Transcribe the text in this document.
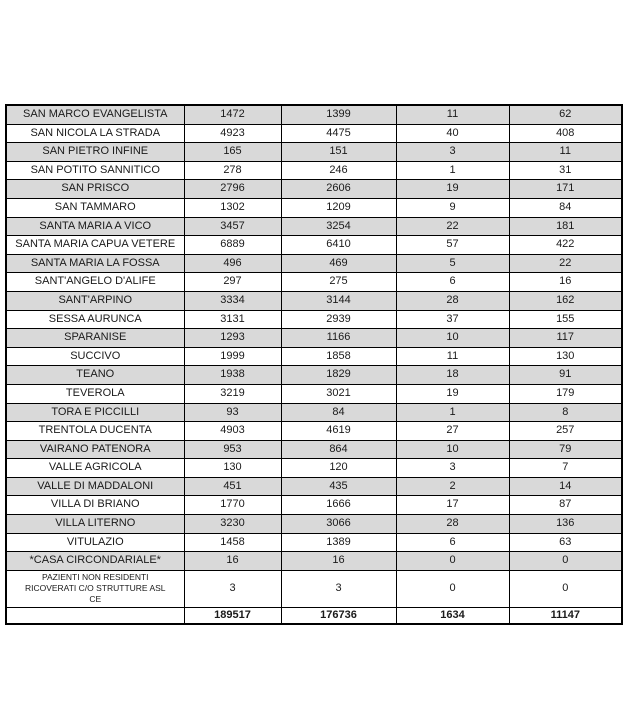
SAN MARCO EVANGELISTA	1472	1399	11	62
SAN NICOLA LA STRADA	4923	4475	40	408
SAN PIETRO INFINE	165	151	3	11
SAN POTITO SANNITICO	278	246	1	31
SAN PRISCO	2796	2606	19	171
SAN TAMMARO	1302	1209	9	84
SANTA MARIA A VICO	3457	3254	22	181
SANTA MARIA CAPUA VETERE	6889	6410	57	422
SANTA MARIA LA FOSSA	496	469	5	22
SANT'ANGELO D'ALIFE	297	275	6	16
SANT'ARPINO	3334	3144	28	162
SESSA AURUNCA	3131	2939	37	155
SPARANISE	1293	1166	10	117
SUCCIVO	1999	1858	11	130
TEANO	1938	1829	18	91
TEVEROLA	3219	3021	19	179
TORA E PICCILLI	93	84	1	8
TRENTOLA DUCENTA	4903	4619	27	257
VAIRANO PATENORA	953	864	10	79
VALLE AGRICOLA	130	120	3	7
VALLE DI MADDALONI	451	435	2	14
VILLA DI BRIANO	1770	1666	17	87
VILLA LITERNO	3230	3066	28	136
VITULAZIO	1458	1389	6	63
*CASA CIRCONDARIALE*	16	16	0	0
PAZIENTI NON RESIDENTI
RICOVERATI C/O STRUTTURE ASL
CE	3	3	0	0
	189517	176736	1634	11147
